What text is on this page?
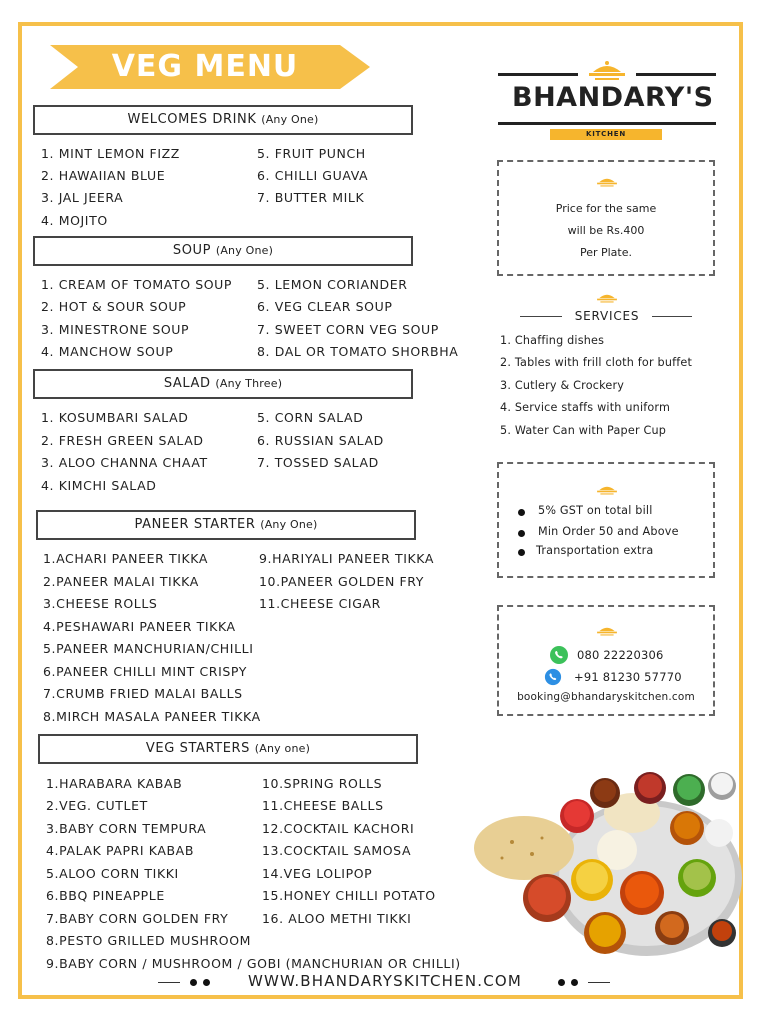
VEG MENU
BHANDARY'S
KITCHEN
WELCOMES DRINK (Any One)
1. MINT LEMON FIZZ
2. HAWAIIAN BLUE
3. JAL JEERA
4. MOJITO
5. FRUIT PUNCH
6. CHILLI GUAVA
7. BUTTER MILK
SOUP (Any One)
1. CREAM OF TOMATO SOUP
2. HOT & SOUR SOUP
3. MINESTRONE SOUP
4. MANCHOW SOUP
5. LEMON CORIANDER
6. VEG CLEAR SOUP
7. SWEET CORN VEG SOUP
8. DAL OR TOMATO SHORBHA
SALAD (Any Three)
1. KOSUMBARI SALAD
2. FRESH GREEN SALAD
3. ALOO CHANNA CHAAT
4. KIMCHI SALAD
5. CORN SALAD
6. RUSSIAN SALAD
7. TOSSED SALAD
PANEER STARTER (Any One)
1.ACHARI PANEER TIKKA
2.PANEER MALAI TIKKA
3.CHEESE ROLLS
4.PESHAWARI PANEER TIKKA
5.PANEER MANCHURIAN/CHILLI
6.PANEER CHILLI MINT CRISPY
7.CRUMB FRIED MALAI BALLS
8.MIRCH MASALA PANEER TIKKA
9.HARIYALI PANEER TIKKA
10.PANEER GOLDEN FRY
11.CHEESE CIGAR
VEG STARTERS (Any one)
1.HARABARA KABAB
2.VEG. CUTLET
3.BABY CORN TEMPURA
4.PALAK PAPRI KABAB
5.ALOO CORN TIKKI
6.BBQ PINEAPPLE
7.BABY CORN GOLDEN FRY
8.PESTO GRILLED MUSHROOM
9.BABY CORN / MUSHROOM / GOBI (MANCHURIAN OR CHILLI)
10.SPRING ROLLS
11.CHEESE BALLS
12.COCKTAIL KACHORI
13.COCKTAIL SAMOSA
14.VEG LOLIPOP
15.HONEY CHILLI POTATO
16. ALOO METHI TIKKI
Price for the same
will be Rs.400
Per Plate.
SERVICES
1. Chaffing dishes
2. Tables with frill cloth for buffet
3. Cutlery & Crockery
4. Service staffs with uniform
5. Water Can with Paper Cup
5% GST on total bill
Min Order 50 and Above
Transportation extra
080 22220306
+91 81230 57770
booking@bhandaryskitchen.com
WWW.BHANDARYSKITCHEN.COM
